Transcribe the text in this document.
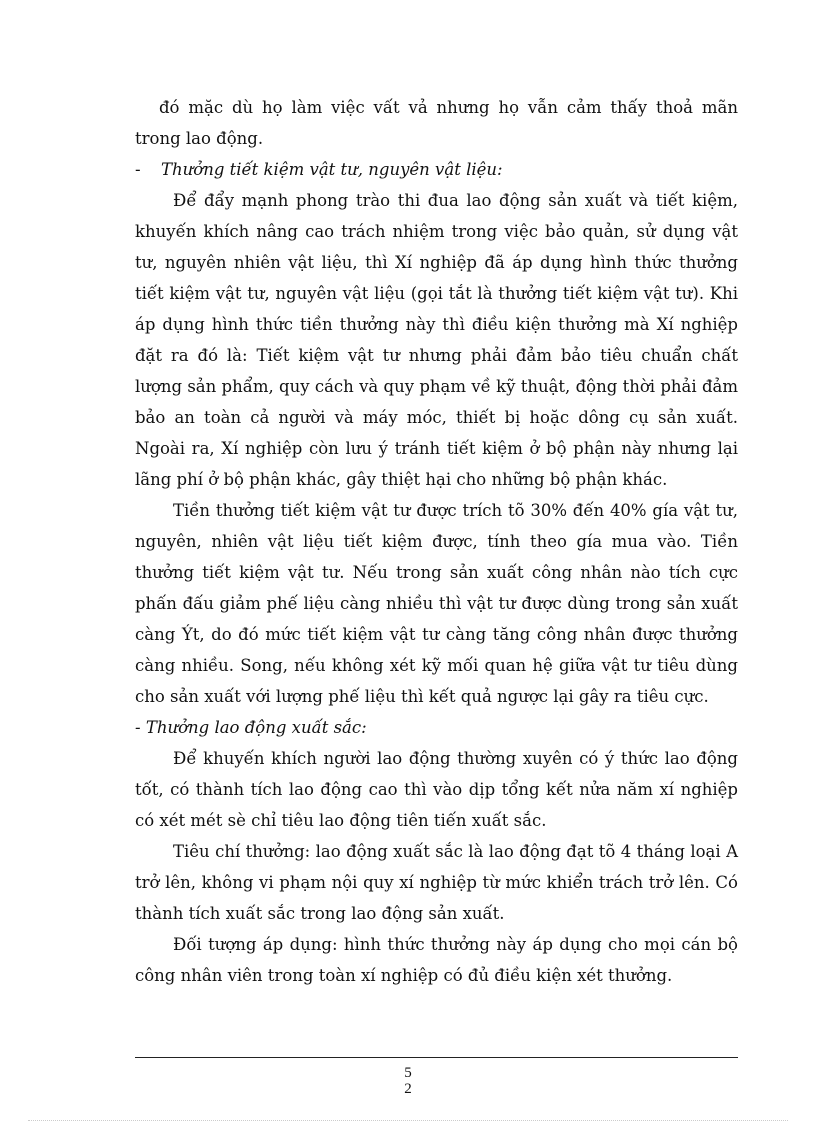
đó mặc dù họ làm việc vất vả nhưng họ vẫn cảm thấy thoả mãn trong lao động.

- Thưởng tiết kiệm vật tư, nguyên vật liệu:

Để đẩy mạnh phong trào thi đua lao động sản xuất và tiết kiệm, khuyến khích nâng cao trách nhiệm trong việc bảo quản, sử dụng vật tư, nguyên nhiên vật liệu, thì Xí nghiệp đã áp dụng hình thức thưởng tiết kiệm vật tư, nguyên vật liệu (gọi tắt là thưởng tiết kiệm vật tư). Khi áp dụng hình thức tiền thưởng này thì điều kiện thưởng mà Xí nghiệp đặt ra đó là: Tiết kiệm vật tư nhưng phải đảm bảo tiêu chuẩn chất lượng sản phẩm, quy cách và quy phạm về kỹ thuật, động thời phải đảm bảo an toàn cả người và máy móc, thiết bị hoặc dông cụ sản xuất. Ngoài ra, Xí nghiệp còn lưu ý tránh tiết kiệm ở bộ phận này nhưng lại lãng phí ở bộ phận khác, gây thiệt hại cho những bộ phận khác.

Tiền thưởng tiết kiệm vật tư được trích tõ 30% đến 40% gía vật tư, nguyên, nhiên vật liệu tiết kiệm được, tính theo gía mua vào. Tiền thưởng tiết kiệm vật tư. Nếu trong sản xuất công nhân nào tích cực phấn đấu giảm phế liệu càng nhiều thì vật tư được dùng trong sản xuất càng Ýt, do đó mức tiết kiệm vật tư càng tăng công nhân được thưởng càng nhiều. Song, nếu không xét kỹ mối quan hệ giữa vật tư tiêu dùng cho sản xuất với lượng phế liệu thì kết quả ngược lại gây ra tiêu cực.

- Thưởng lao động xuất sắc:

Để khuyến khích người lao động thường xuyên có ý thức lao động tốt, có thành tích lao động cao thì vào dịp tổng kết nửa năm xí nghiệp có xét mét sè chỉ tiêu lao động tiên tiến xuất sắc.

Tiêu chí thưởng: lao động xuất sắc là lao động đạt tõ 4 tháng loại A trở lên, không vi phạm nội quy xí nghiệp từ mức khiển trách trở lên. Có thành tích xuất sắc trong lao động sản xuất.

Đối tượng áp dụng: hình thức thưởng này áp dụng cho mọi cán bộ công nhân viên trong toàn xí nghiệp có đủ điều kiện xét thưởng.

5
2
